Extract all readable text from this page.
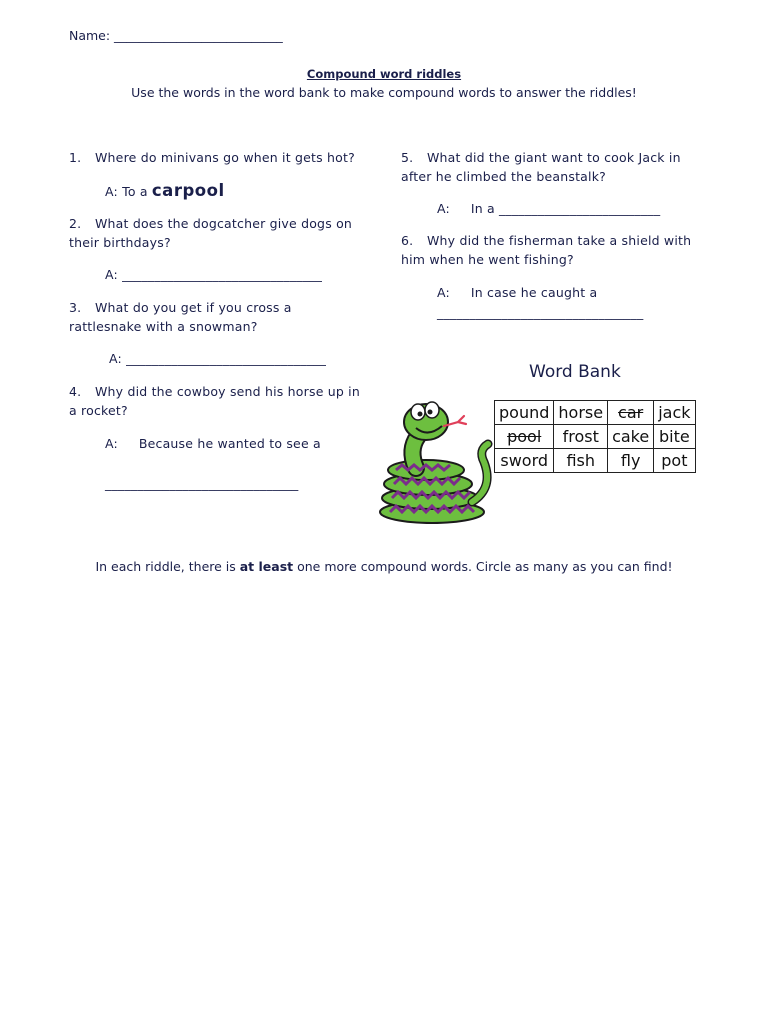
Name: ___________________________
Compound word riddles
Use the words in the word bank to make compound words to answer the riddles!
1. Where do minivans go when it gets hot?
A: To a carpool
2. What does the dogcatcher give dogs on
their birthdays?
A: _______________________________
3. What do you get if you cross a
rattlesnake with a snowman?
A: _______________________________
4. Why did the cowboy send his horse up in
a rocket?
A: Because he wanted to see a
______________________________
5. What did the giant want to cook Jack in
after he climbed the beanstalk?
A: In a _________________________
6. Why did the fisherman take a shield with
him when he went fishing?
A: In case he caught a
________________________________
Word Bank
pound	horse	car	jack
pool	frost	cake	bite
sword	fish	fly	pot
In each riddle, there is at least one more compound words. Circle as many as you can find!
